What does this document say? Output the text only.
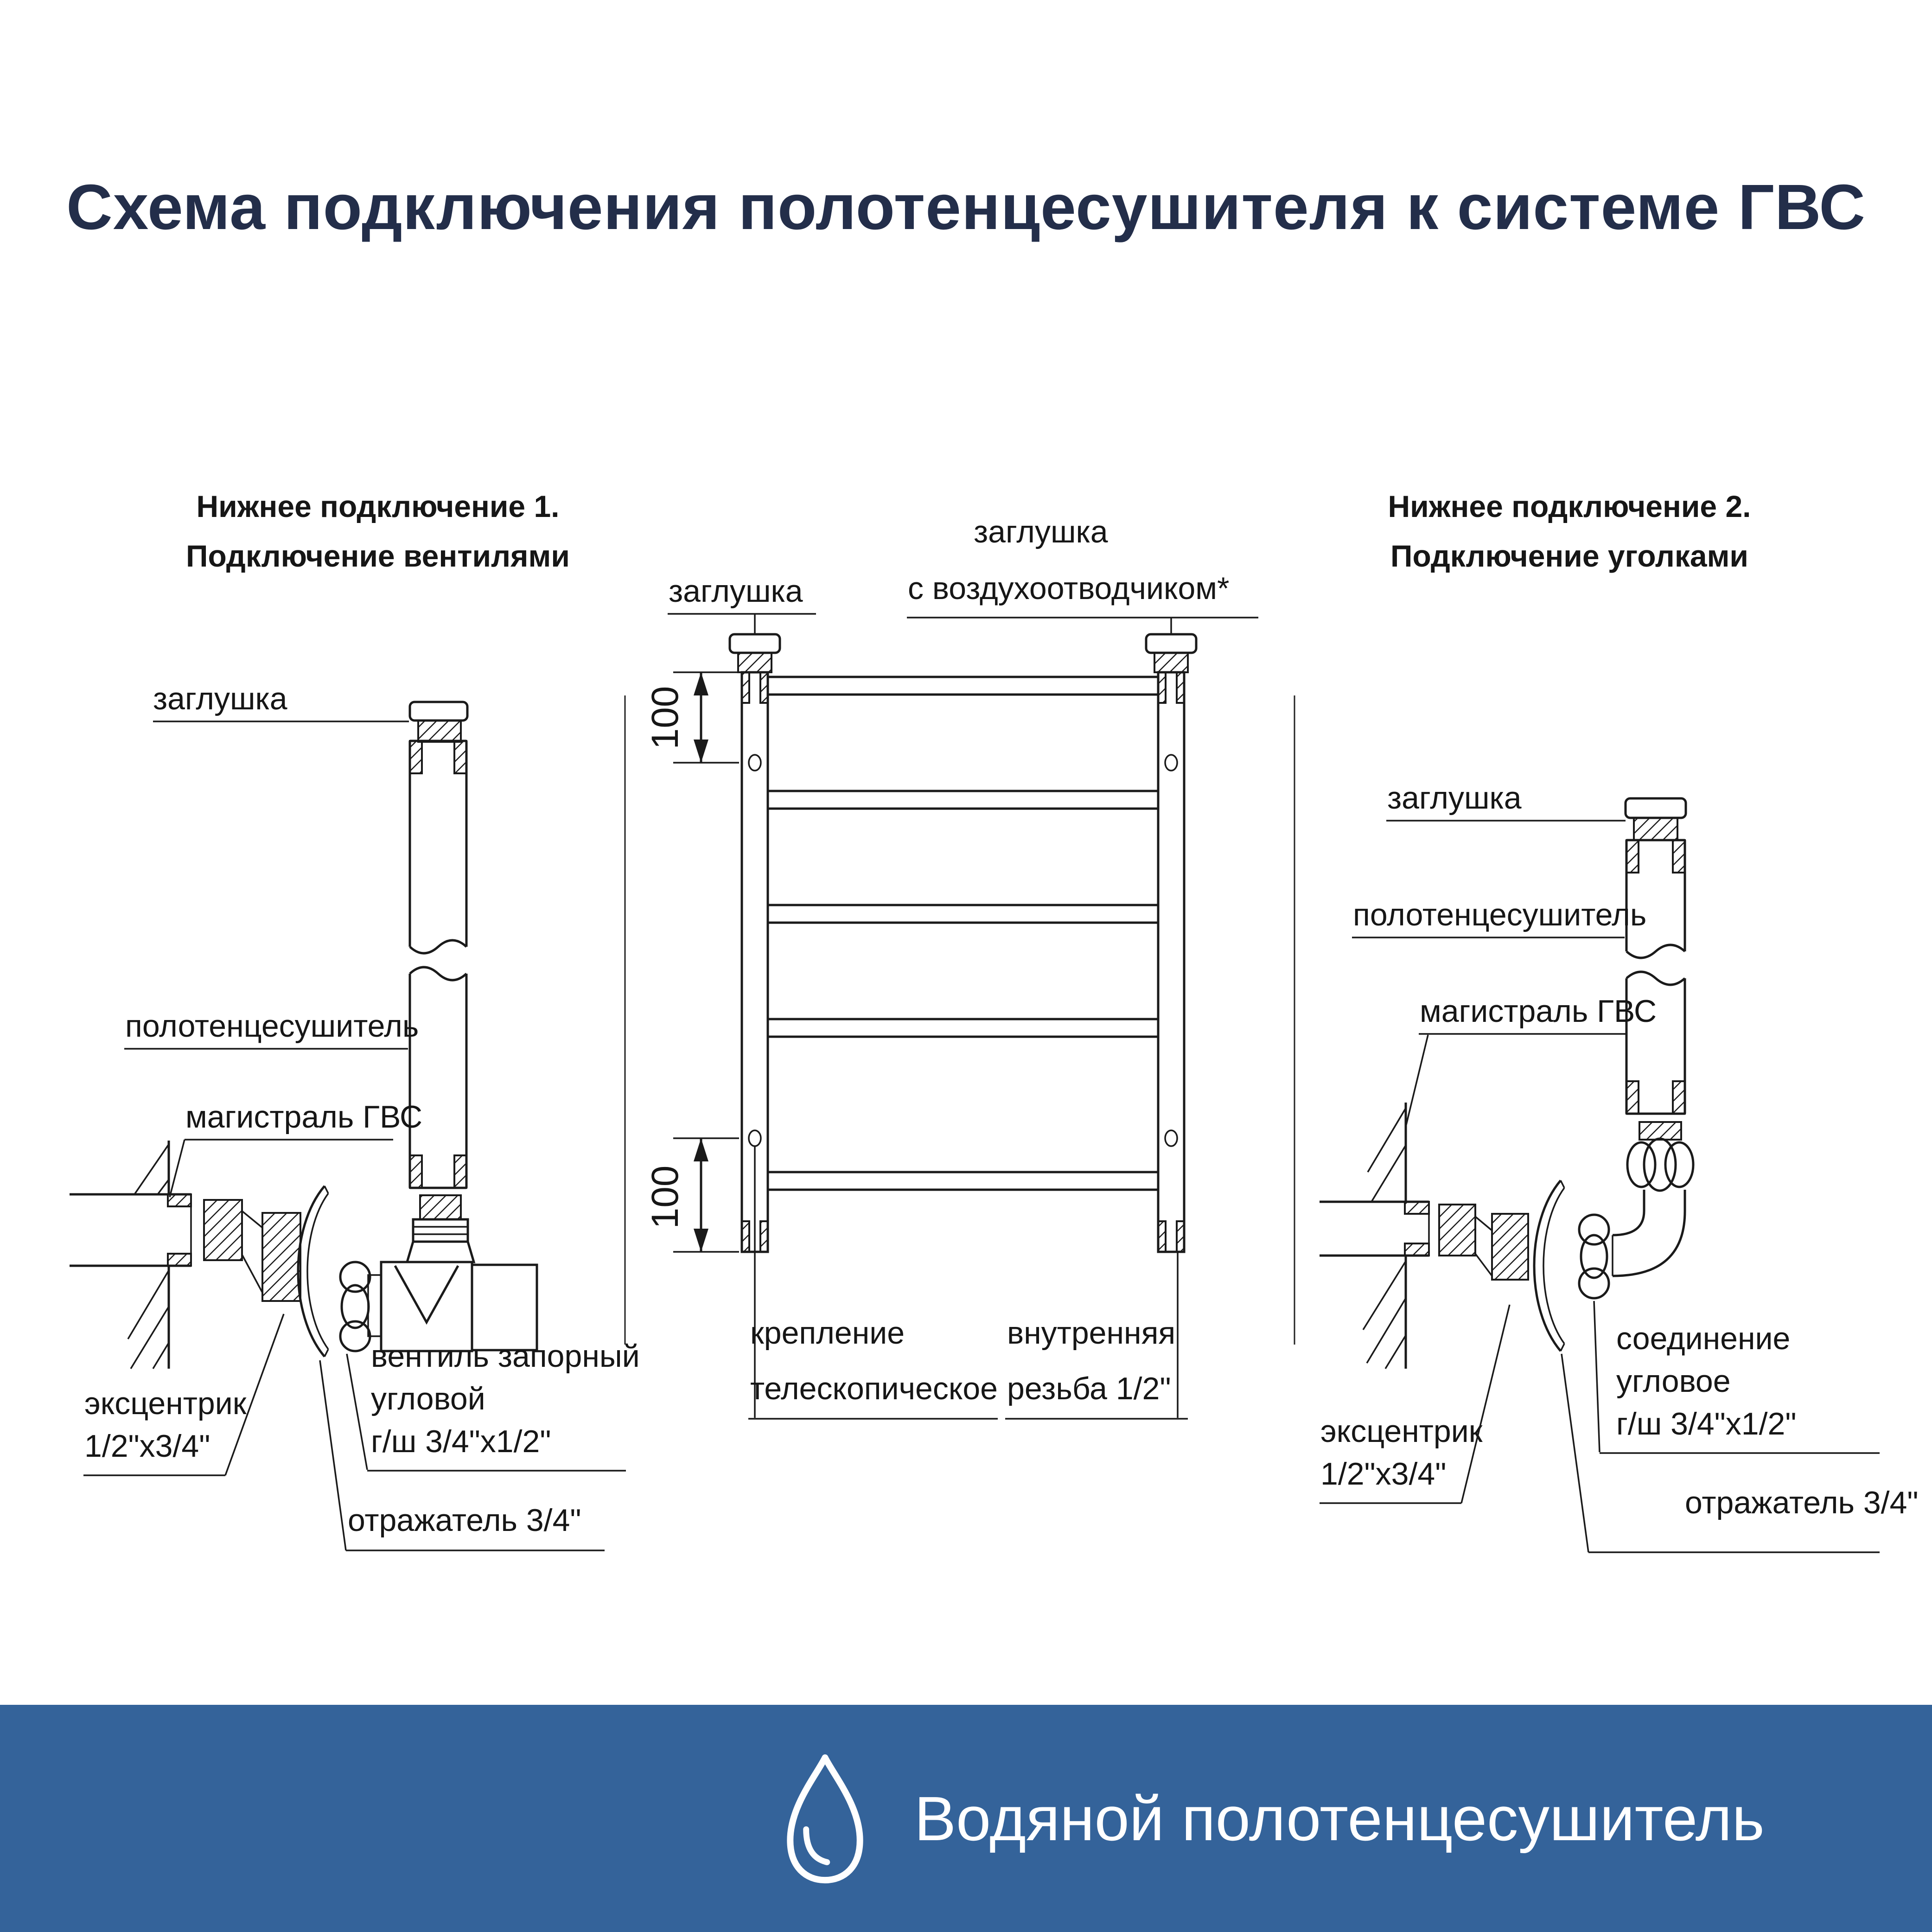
Схема подключения полотенцесушителя к системе ГВС
Нижнее подключение 1.
Подключение вентилями
заглушка
полотенцесушитель
магистраль ГВС
эксцентрик
1/2"х3/4"
вентиль запорный
угловой
г/ш 3/4"х1/2"
отражатель 3/4"
заглушка
заглушка
с воздухоотводчиком*
100
100
крепление
телескопическое
внутренняя
резьба 1/2"
Нижнее подключение 2.
Подключение уголками
заглушка
полотенцесушитель
магистраль ГВС
эксцентрик
1/2"х3/4"
соединение
угловое
г/ш 3/4"х1/2"
отражатель 3/4"
Водяной полотенцесушитель
